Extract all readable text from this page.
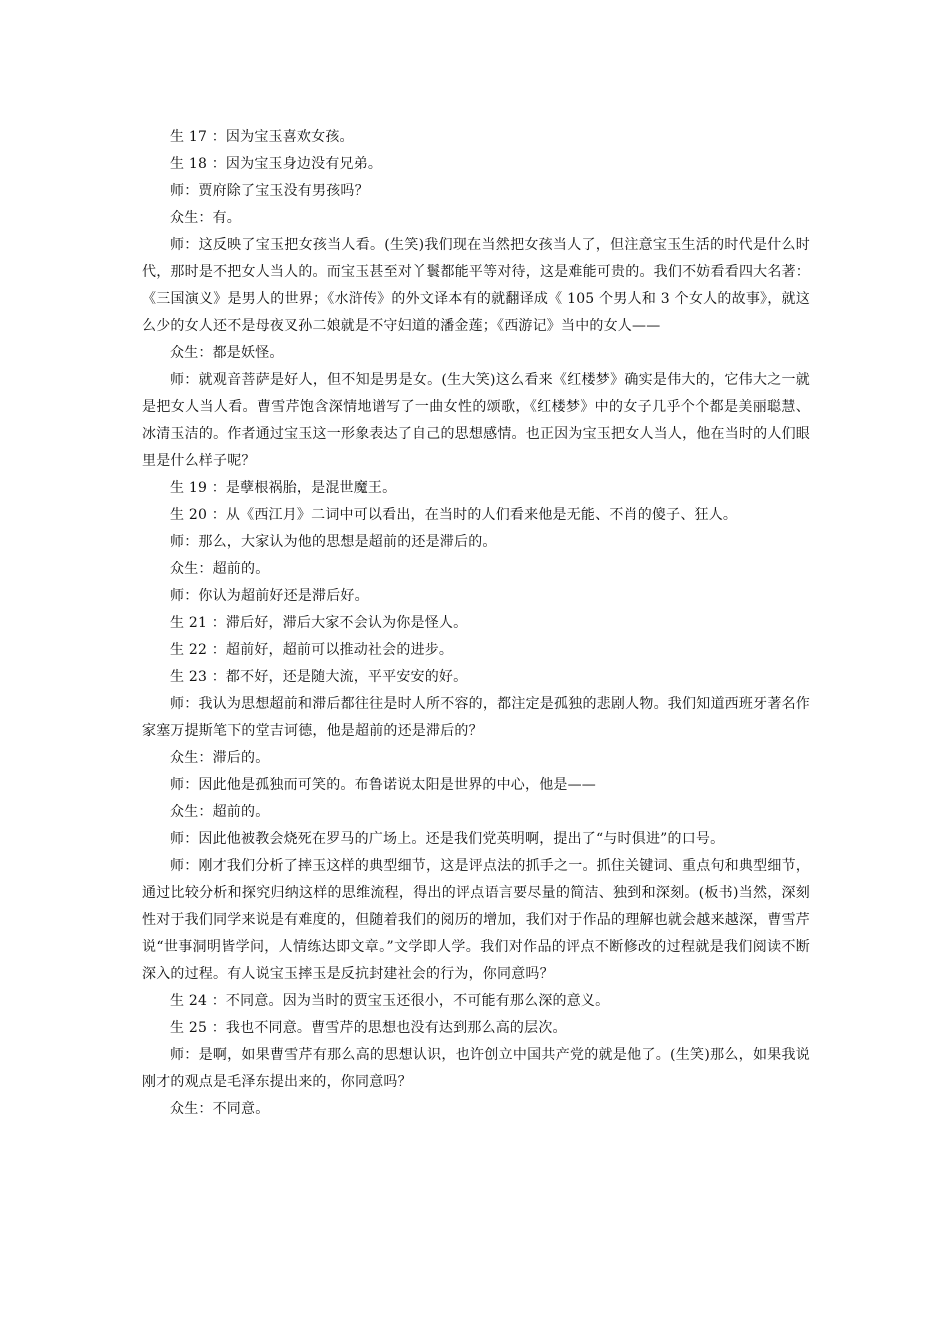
生 17 ：因为宝玉喜欢女孩。

生 18 ：因为宝玉身边没有兄弟。

师：贾府除了宝玉没有男孩吗？

众生：有。

师：这反映了宝玉把女孩当人看。(生笑)我们现在当然把女孩当人了，但注意宝玉生活的时代是什么时代，那时是不把女人当人的。而宝玉甚至对丫鬟都能平等对待，这是难能可贵的。我们不妨看看四大名著：《三国演义》是男人的世界；《水浒传》的外文译本有的就翻译成《 105 个男人和 3 个女人的故事》，就这么少的女人还不是母夜叉孙二娘就是不守妇道的潘金莲；《西游记》当中的女人——

众生：都是妖怪。

师：就观音菩萨是好人，但不知是男是女。(生大笑)这么看来《红楼梦》确实是伟大的，它伟大之一就是把女人当人看。曹雪芹饱含深情地谱写了一曲女性的颂歌，《红楼梦》中的女子几乎个个都是美丽聪慧、冰清玉洁的。作者通过宝玉这一形象表达了自己的思想感情。也正因为宝玉把女人当人，他在当时的人们眼里是什么样子呢？

生 19 ：是孽根祸胎，是混世魔王。

生 20 ：从《西江月》二词中可以看出，在当时的人们看来他是无能、不肖的傻子、狂人。

师：那么，大家认为他的思想是超前的还是滞后的。

众生：超前的。

师：你认为超前好还是滞后好。

生 21 ：滞后好，滞后大家不会认为你是怪人。

生 22 ：超前好，超前可以推动社会的进步。

生 23 ：都不好，还是随大流，平平安安的好。

师：我认为思想超前和滞后都往往是时人所不容的，都注定是孤独的悲剧人物。我们知道西班牙著名作家塞万提斯笔下的堂吉诃德，他是超前的还是滞后的？

众生：滞后的。

师：因此他是孤独而可笑的。布鲁诺说太阳是世界的中心，他是——

众生：超前的。

师：因此他被教会烧死在罗马的广场上。还是我们党英明啊，提出了“与时俱进”的口号。

师：刚才我们分析了摔玉这样的典型细节，这是评点法的抓手之一。抓住关键词、重点句和典型细节，通过比较分析和探究归纳这样的思维流程，得出的评点语言要尽量的简洁、独到和深刻。(板书)当然，深刻性对于我们同学来说是有难度的，但随着我们的阅历的增加，我们对于作品的理解也就会越来越深，曹雪芹说“世事洞明皆学问，人情练达即文章。”文学即人学。我们对作品的评点不断修改的过程就是我们阅读不断深入的过程。有人说宝玉摔玉是反抗封建社会的行为，你同意吗？

生 24 ：不同意。因为当时的贾宝玉还很小，不可能有那么深的意义。

生 25 ：我也不同意。曹雪芹的思想也没有达到那么高的层次。

师：是啊，如果曹雪芹有那么高的思想认识，也许创立中国共产党的就是他了。(生笑)那么，如果我说刚才的观点是毛泽东提出来的，你同意吗？

众生：不同意。
